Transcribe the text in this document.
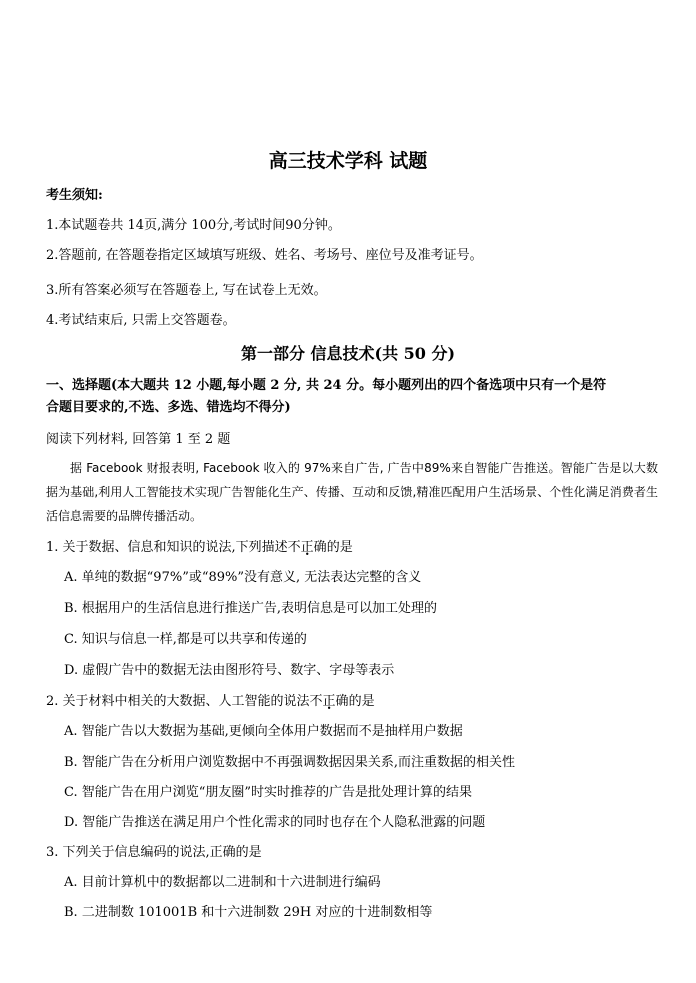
高三技术学科 试题
考生须知:
1.本试题卷共 14页,满分 100分,考试时间90分钟。
2.答题前, 在答题卷指定区域填写班级、姓名、考场号、座位号及准考证号。
3.所有答案必须写在答题卷上, 写在试卷上无效。
4.考试结束后, 只需上交答题卷。
第一部分 信息技术(共 50 分)
一、选择题(本大题共 12 小题,每小题 2 分, 共 24 分。每小题列出的四个备选项中只有一个是符
合题目要求的,不选、多选、错选均不得分)
阅读下列材料, 回答第 1 至 2 题
据 Facebook 财报表明, Facebook 收入的 97%来自广告, 广告中89%来自智能广告推送。智能广告是以大数据为基础,利用人工智能技术实现广告智能化生产、传播、互动和反馈,精准匹配用户生活场景、个性化满足消费者生活信息需要的品牌传播活动。
1. 关于数据、信息和知识的说法,下列描述不正确的是
A. 单纯的数据“97%”或“89%”没有意义, 无法表达完整的含义
B. 根据用户的生活信息进行推送广告,表明信息是可以加工处理的
C. 知识与信息一样,都是可以共享和传递的
D. 虚假广告中的数据无法由图形符号、数字、字母等表示
2. 关于材料中相关的大数据、人工智能的说法不正确的是
A. 智能广告以大数据为基础,更倾向全体用户数据而不是抽样用户数据
B. 智能广告在分析用户浏览数据中不再强调数据因果关系,而注重数据的相关性
C. 智能广告在用户浏览“朋友圈”时实时推荐的广告是批处理计算的结果
D. 智能广告推送在满足用户个性化需求的同时也存在个人隐私泄露的问题
3. 下列关于信息编码的说法,正确的是
A. 目前计算机中的数据都以二进制和十六进制进行编码
B. 二进制数 101001B 和十六进制数 29H 对应的十进制数相等
